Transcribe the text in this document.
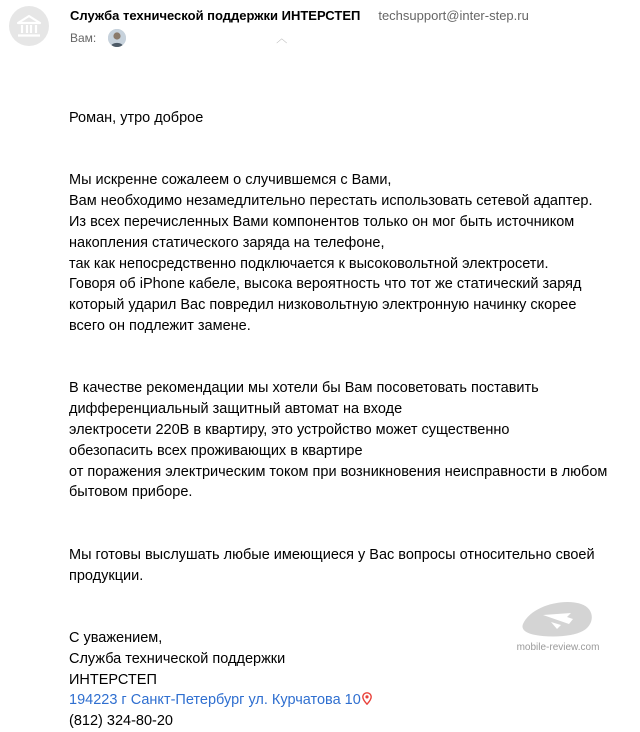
Служба технической поддержки ИНТЕРСТЕП techsupport@inter-step.ru
Вам:	︿
Роман, утро доброе
Мы искренне сожалеем о случившемся с Вами,
Вам необходимо незамедлительно перестать использовать сетевой адаптер.
Из всех перечисленных Вами компонентов только он мог быть источником
накопления статического заряда на телефоне,
так как непосредственно подключается к высоковольтной электросети.
Говоря об iPhone кабеле, высока вероятность что тот же статический заряд
который ударил Вас повредил низковольтную электронную начинку скорее
всего он подлежит замене.
В качестве рекомендации мы хотели бы Вам посоветовать поставить
дифференциальный защитный автомат на входе
электросети 220В в квартиру, это устройство может существенно
обезопасить всех проживающих в квартире
от поражения электрическим током при возникновения неисправности в любом
бытовом приборе.
Мы готовы выслушать любые имеющиеся у Вас вопросы относительно своей
продукции.
С уважением,
Служба технической поддержки
ИНТЕРСТЕП
194223 г Санкт-Петербург ул. Курчатова 10
(812) 324-80-20
mobile-review.com
